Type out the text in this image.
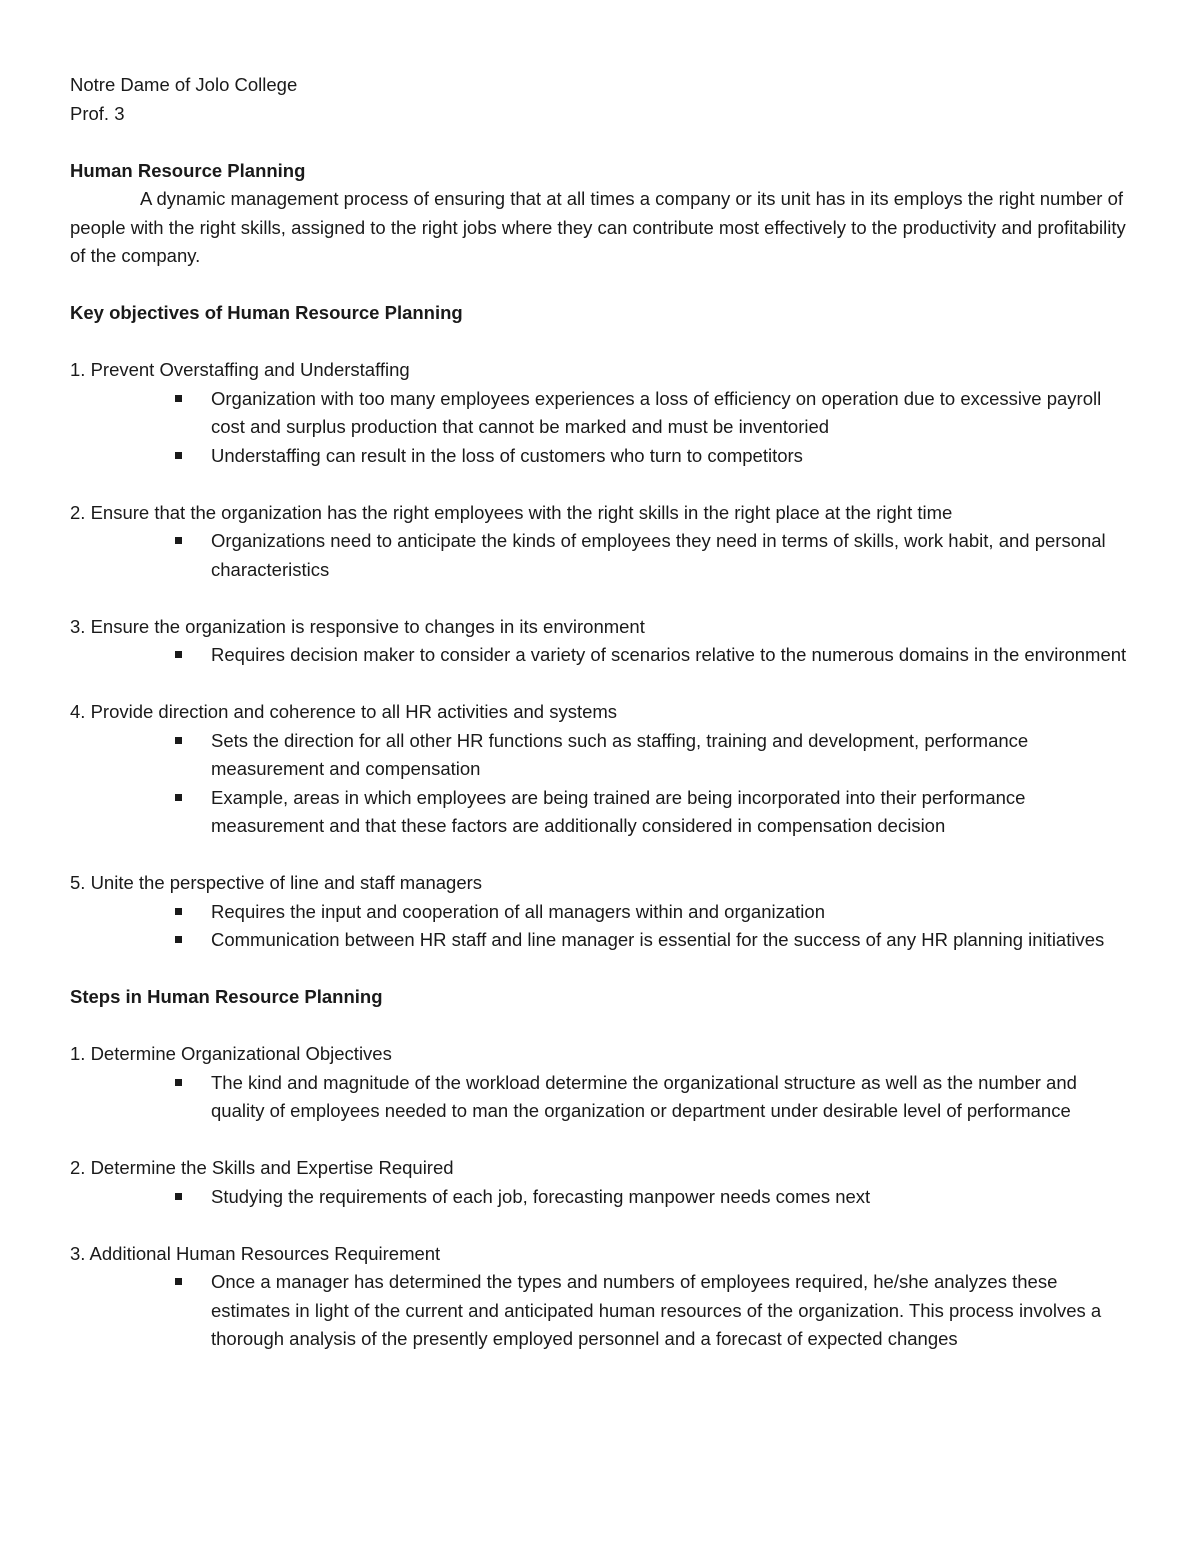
Notre Dame of Jolo College

Prof. 3

Human Resource Planning

A dynamic management process of ensuring that at all times a company or its unit has in its employs the right number of people with the right skills, assigned to the right jobs where they can contribute most effectively to the productivity and profitability of the company.

Key objectives of Human Resource Planning

1. Prevent Overstaffing and Understaffing

Organization with too many employees experiences a loss of efficiency on operation due to excessive payroll cost and surplus production that cannot be marked and must be inventoried
Understaffing can result in the loss of customers who turn to competitors

2. Ensure that the organization has the right employees with the right skills in the right place at the right time

Organizations need to anticipate the kinds of employees they need in terms of skills, work habit, and personal characteristics

3. Ensure the organization is responsive to changes in its environment

Requires decision maker to consider a variety of scenarios relative to the numerous domains in the environment

4. Provide direction and coherence to all HR activities and systems

Sets the direction for all other HR functions such as staffing, training and development, performance measurement and compensation
Example, areas in which employees are being trained are being incorporated into their performance measurement and that these factors are additionally considered in compensation decision

5. Unite the perspective of line and staff managers

Requires the input and cooperation of all managers within and organization
Communication between HR staff and line manager is essential for the success of any HR planning initiatives

Steps in Human Resource Planning

1. Determine Organizational Objectives

The kind and magnitude of the workload determine the organizational structure as well as the number and quality of employees needed to man the organization or department under desirable level of performance

2. Determine the Skills and Expertise Required

Studying the requirements of each job, forecasting manpower needs comes next

3. Additional Human Resources Requirement

Once a manager has determined the types and numbers of employees required, he/she analyzes these estimates in light of the current and anticipated human resources of the organization. This process involves a thorough analysis of the presently employed personnel and a forecast of expected changes
